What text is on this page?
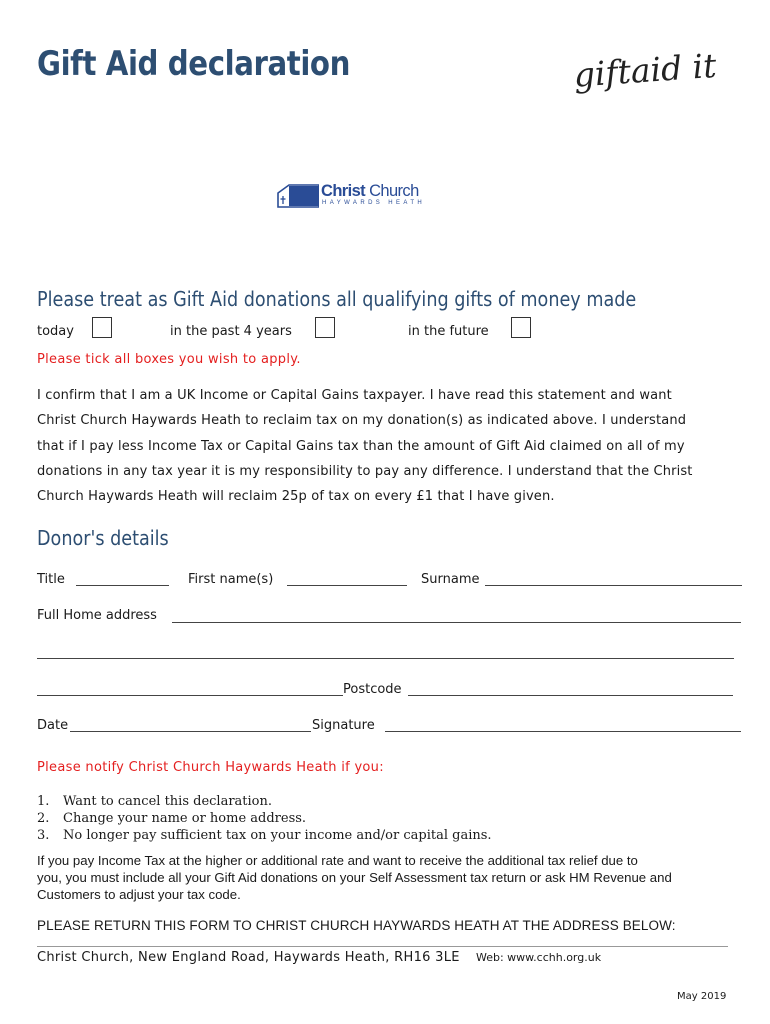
Gift Aid declaration	giftaid it
Christ Church
HAYWARDS HEATH
Please treat as Gift Aid donations all qualifying gifts of money made
today	in the past 4 years	in the future
Please tick all boxes you wish to apply.
I confirm that I am a UK Income or Capital Gains taxpayer. I have read this statement and want
Christ Church Haywards Heath to reclaim tax on my donation(s) as indicated above. I understand
that if I pay less Income Tax or Capital Gains tax than the amount of Gift Aid claimed on all of my
donations in any tax year it is my responsibility to pay any difference. I understand that the Christ
Church Haywards Heath will reclaim 25p of tax on every £1 that I have given.
Donor's details
Title	First name(s)	Surname
Full Home address
Postcode
Date	Signature
Please notify Christ Church Haywards Heath if you:
1. Want to cancel this declaration.
2. Change your name or home address.
3. No longer pay sufficient tax on your income and/or capital gains.
If you pay Income Tax at the higher or additional rate and want to receive the additional tax relief due to
you, you must include all your Gift Aid donations on your Self Assessment tax return or ask HM Revenue and
Customers to adjust your tax code.
PLEASE RETURN THIS FORM TO CHRIST CHURCH HAYWARDS HEATH AT THE ADDRESS BELOW:
Christ Church, New England Road, Haywards Heath, RH16 3LE Web: www.cchh.org.uk
May 2019
